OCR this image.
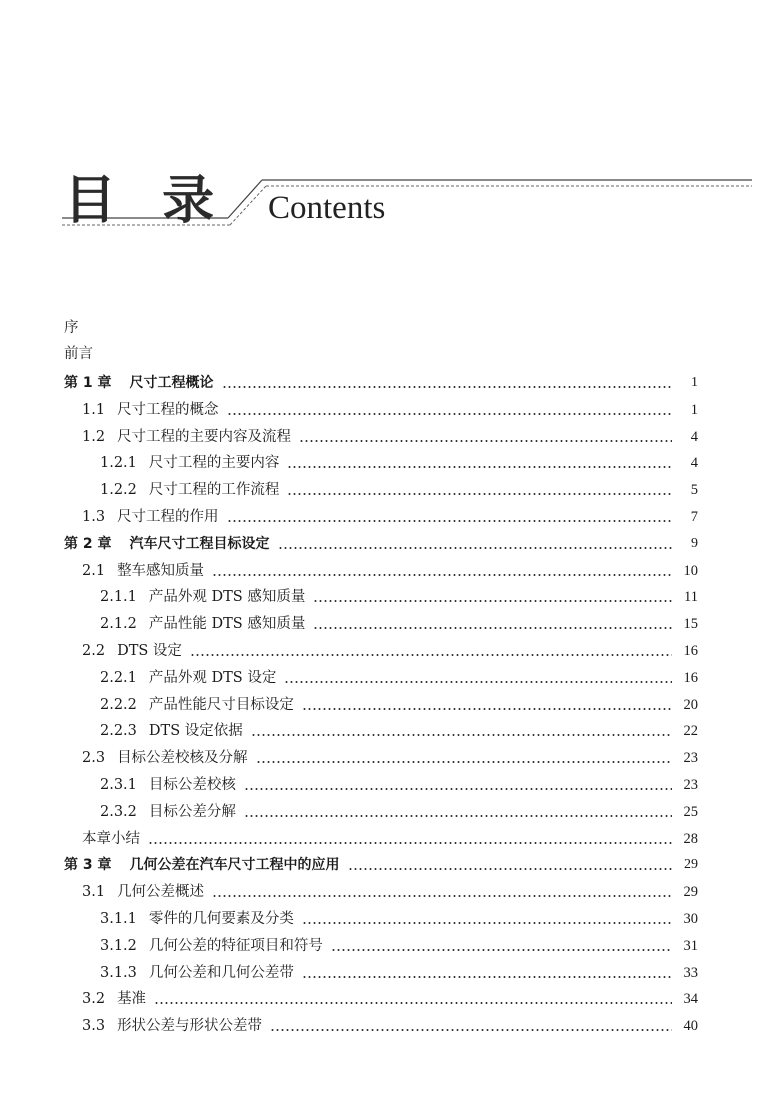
目 录 Contents
序
前言
第 1 章 尺寸工程概论	1
1.1 尺寸工程的概念	1
1.2 尺寸工程的主要内容及流程	4
1.2.1 尺寸工程的主要内容	4
1.2.2 尺寸工程的工作流程	5
1.3 尺寸工程的作用	7
第 2 章 汽车尺寸工程目标设定	9
2.1 整车感知质量	10
2.1.1 产品外观 DTS 感知质量	11
2.1.2 产品性能 DTS 感知质量	15
2.2 DTS 设定	16
2.2.1 产品外观 DTS 设定	16
2.2.2 产品性能尺寸目标设定	20
2.2.3 DTS 设定依据	22
2.3 目标公差校核及分解	23
2.3.1 目标公差校核	23
2.3.2 目标公差分解	25
本章小结	28
第 3 章 几何公差在汽车尺寸工程中的应用	29
3.1 几何公差概述	29
3.1.1 零件的几何要素及分类	30
3.1.2 几何公差的特征项目和符号	31
3.1.3 几何公差和几何公差带	33
3.2 基准	34
3.3 形状公差与形状公差带	40
